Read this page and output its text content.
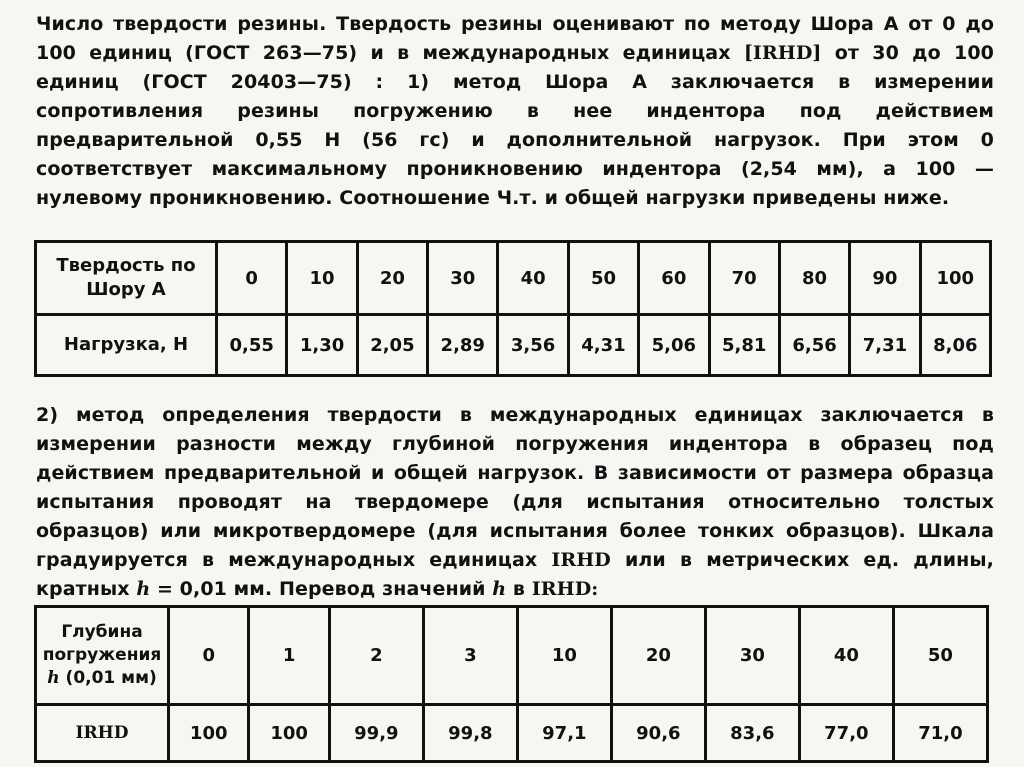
Число твердости резины. Твердость резины оценивают по методу Шора А от 0 до 100 единиц (ГОСТ 263—75) и в международных единицах [IRHD] от 30 до 100 единиц (ГОСТ 20403—75) : 1) метод Шора А заключается в измерении сопротивления резины погружению в нее индентора под действием предварительной 0,55 Н (56 гс) и дополнительной нагрузок. При этом 0 соответствует максимальному проникновению индентора (2,54 мм), а 100 — нулевому проникновению. Соотношение Ч.т. и общей нагрузки приведены ниже.
Твердость по Шору А	0	10	20	30	40	50	60	70	80	90	100
Нагрузка, Н	0,55	1,30	2,05	2,89	3,56	4,31	5,06	5,81	6,56	7,31	8,06
2) метод определения твердости в международных единицах заключается в измерении разности между глубиной погружения индентора в образец под действием предварительной и общей нагрузок. В зависимости от размера образца испытания проводят на твердомере (для испытания относительно толстых образцов) или микротвердомере (для испытания более тонких образцов). Шкала градуируется в международных единицах IRHD или в метрических ед. длины, кратных h = 0,01 мм. Перевод значений h в IRHD:
Глубина
погружения
h (0,01 мм)	0	1	2	3	10	20	30	40	50
IRHD	100	100	99,9	99,8	97,1	90,6	83,6	77,0	71,0
